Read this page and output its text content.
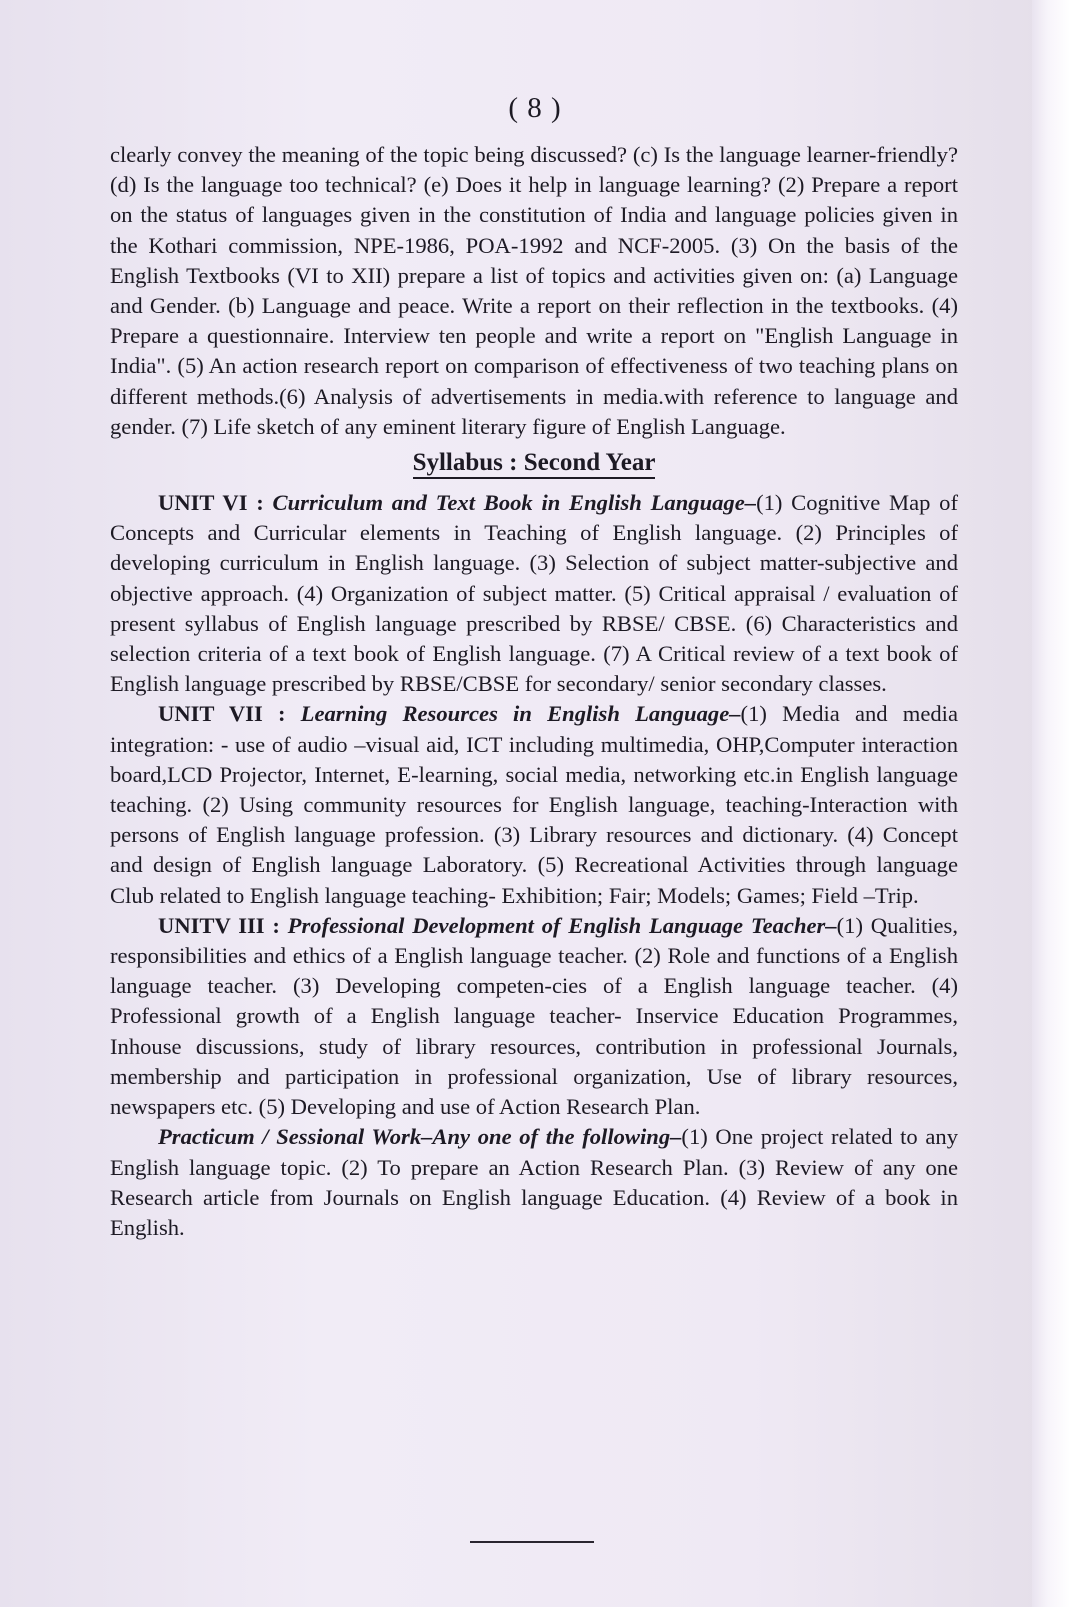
( 8 )

clearly convey the meaning of the topic being discussed? (c) Is the language learner-friendly? (d) Is the language too technical? (e) Does it help in language learning? (2) Prepare a report on the status of languages given in the constitution of India and language policies given in the Kothari commission, NPE-1986, POA-1992 and NCF-2005. (3) On the basis of the English Textbooks (VI to XII) prepare a list of topics and activities given on: (a) Language and Gender. (b) Language and peace. Write a report on their reflection in the textbooks. (4) Prepare a questionnaire. Interview ten people and write a report on "English Language in India". (5) An action research report on comparison of effectiveness of two teaching plans on different methods.(6) Analysis of advertisements in media.with reference to language and gender. (7) Life sketch of any eminent literary figure of English Language.

Syllabus : Second Year

UNIT VI : Curriculum and Text Book in English Language–(1) Cognitive Map of Concepts and Curricular elements in Teaching of English language. (2) Principles of developing curriculum in English language. (3) Selection of subject matter-subjective and objective approach. (4) Organization of subject matter. (5) Critical appraisal / evaluation of present syllabus of English language prescribed by RBSE/ CBSE. (6) Characteristics and selection criteria of a text book of English language. (7) A Critical review of a text book of English language prescribed by RBSE/CBSE for secondary/ senior secondary classes.

UNIT VII : Learning Resources in English Language–(1) Media and media integration: - use of audio –visual aid, ICT including multimedia, OHP,Computer interaction board,LCD Projector, Internet, E-learning, social media, networking etc.in English language teaching. (2) Using community resources for English language, teaching-Interaction with persons of English language profession. (3) Library resources and dictionary. (4) Concept and design of English language Laboratory. (5) Recreational Activities through language Club related to English language teaching- Exhibition; Fair; Models; Games; Field –Trip.

UNITV III : Professional Development of English Language Teacher–(1) Qualities, responsibilities and ethics of a English language teacher. (2) Role and functions of a English language teacher. (3) Developing competen-cies of a English language teacher. (4) Professional growth of a English language teacher- Inservice Education Programmes, Inhouse discussions, study of library resources, contribution in professional Journals, membership and participation in professional organization, Use of library resources, newspapers etc. (5) Developing and use of Action Research Plan.

Practicum / Sessional Work–Any one of the following–(1) One project related to any English language topic. (2) To prepare an Action Research Plan. (3) Review of any one Research article from Journals on English language Education. (4) Review of a book in English.
